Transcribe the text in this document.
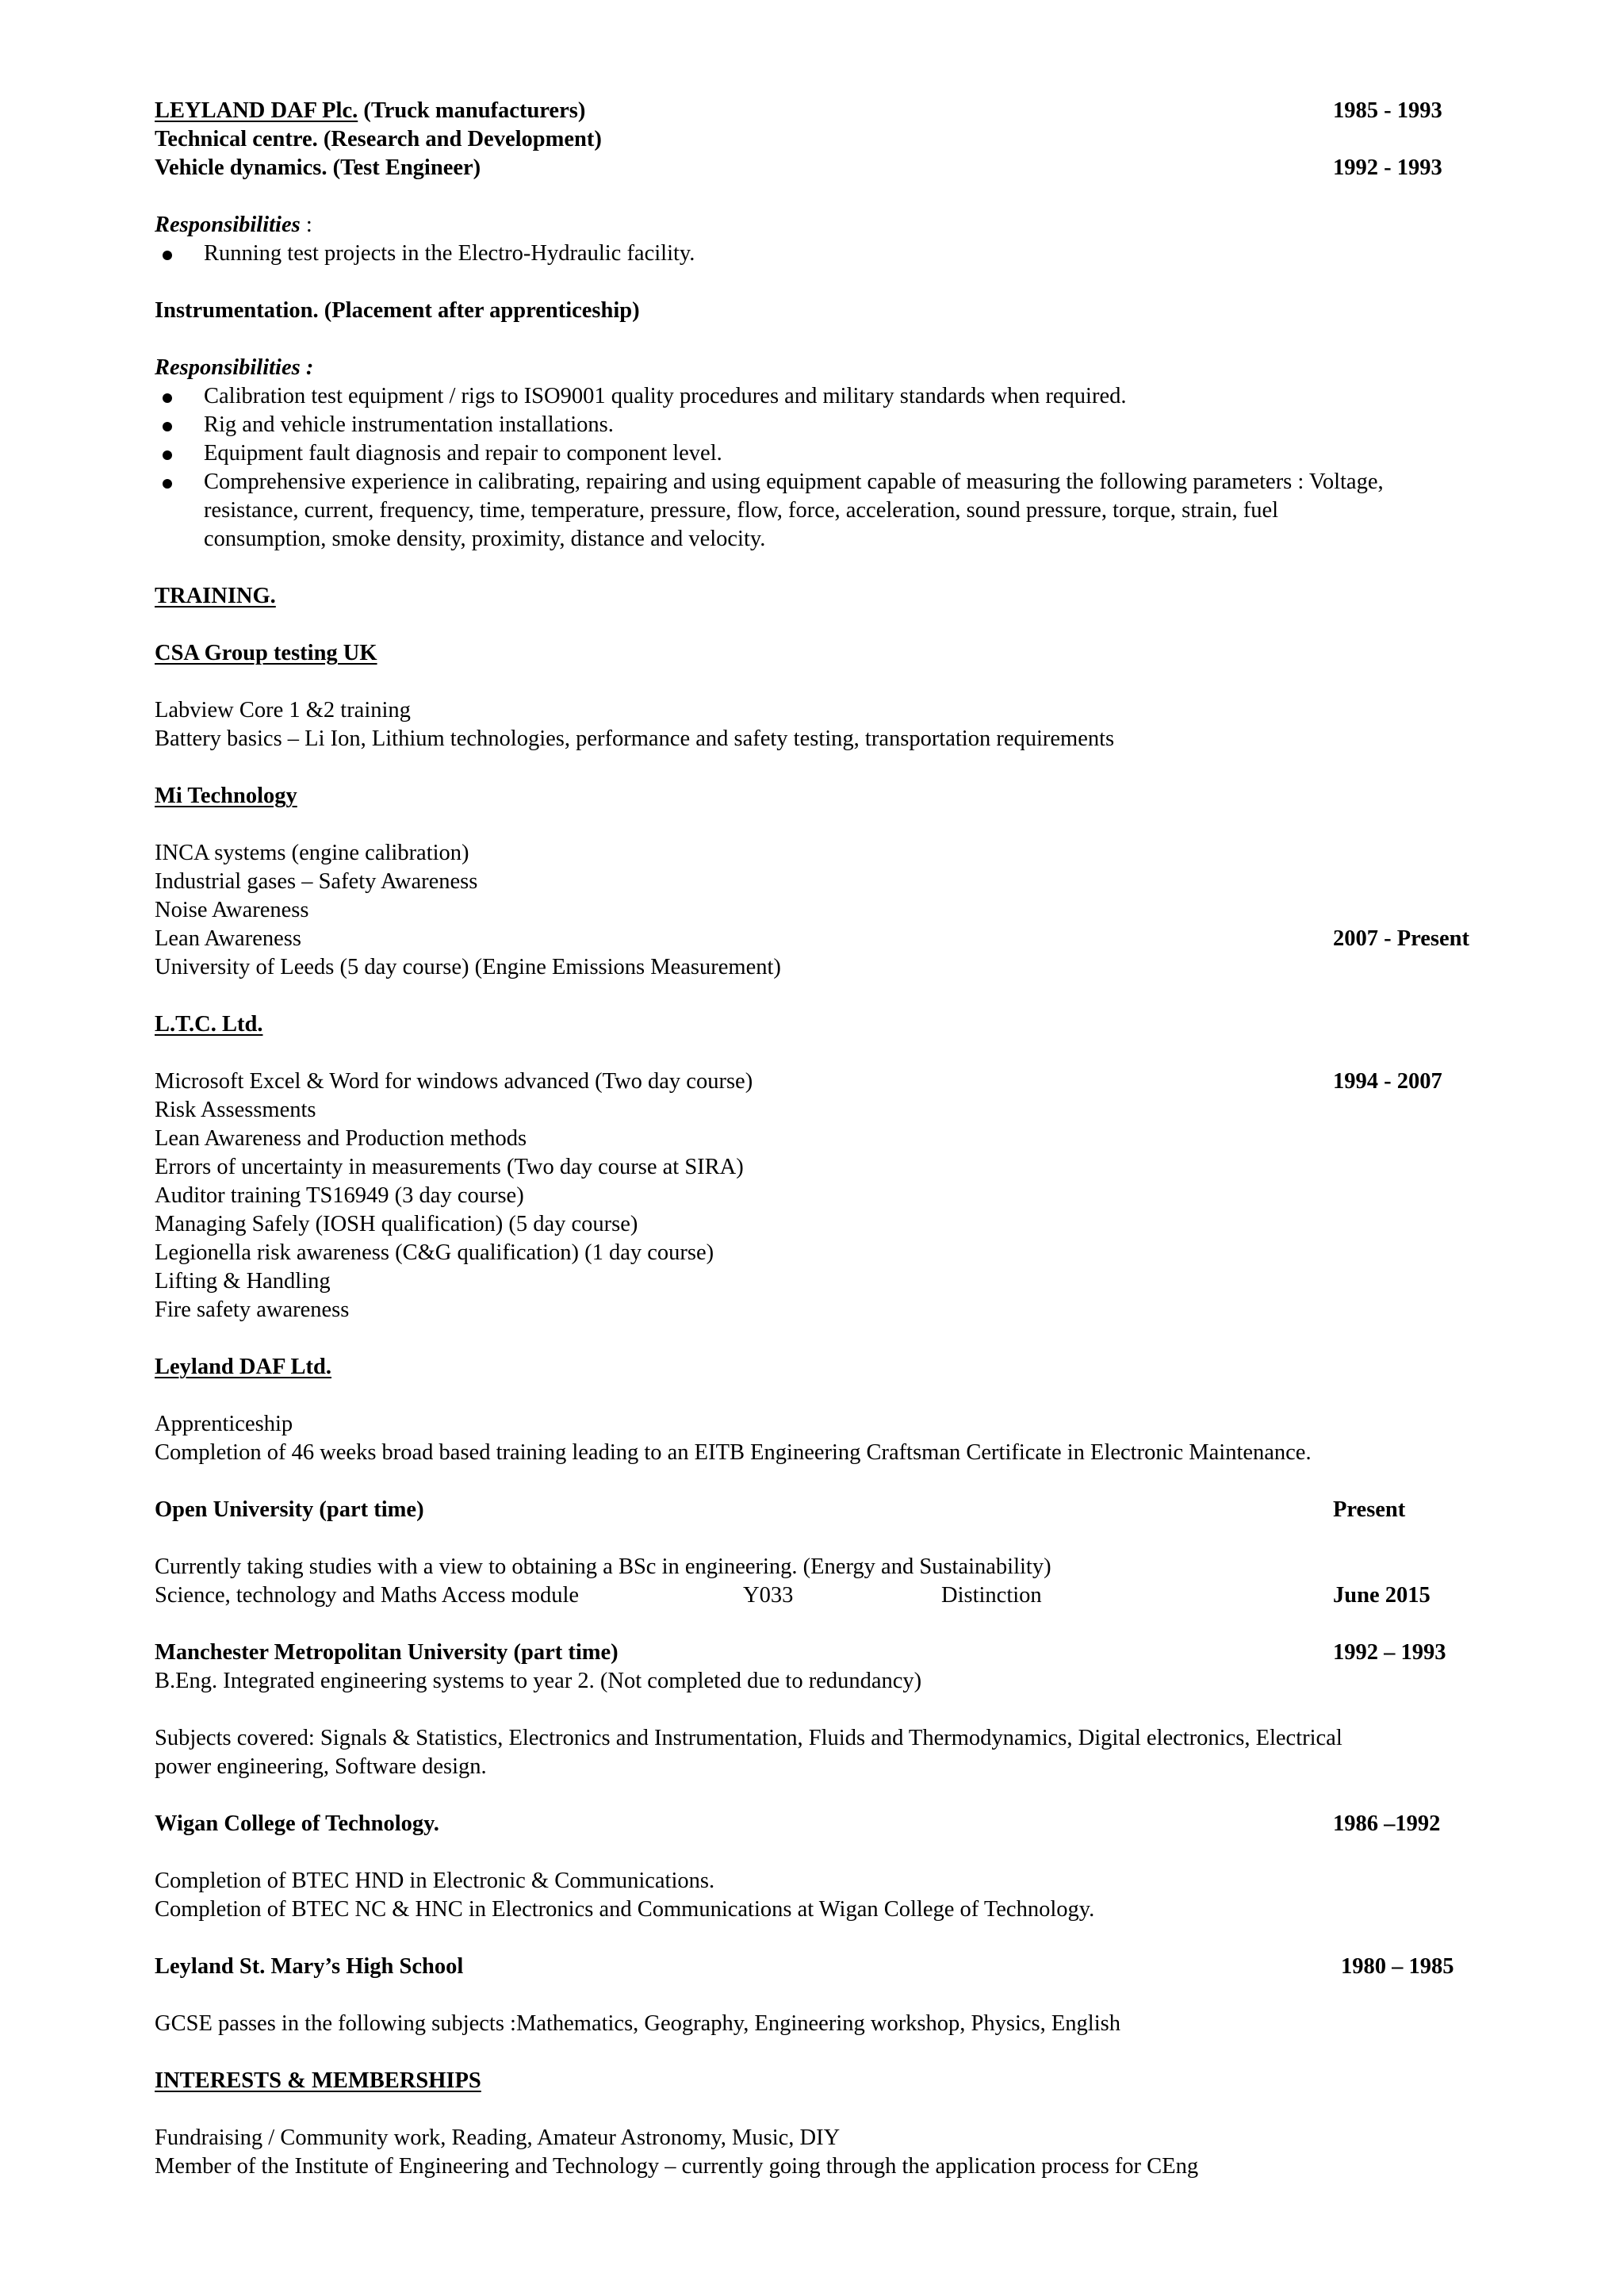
LEYLAND DAF Plc. (Truck manufacturers)	1985 - 1993
Technical centre. (Research and Development)
Vehicle dynamics. (Test Engineer)	1992 - 1993
Responsibilities :
Running test projects in the Electro-Hydraulic facility.
Instrumentation. (Placement after apprenticeship)
Responsibilities :
Calibration test equipment / rigs to ISO9001 quality procedures and military standards when required.
Rig and vehicle instrumentation installations.
Equipment fault diagnosis and repair to component level.
Comprehensive experience in calibrating, repairing and using equipment capable of measuring the following parameters : Voltage,
resistance, current, frequency, time, temperature, pressure, flow, force, acceleration, sound pressure, torque, strain, fuel
consumption, smoke density, proximity, distance and velocity.
TRAINING.
CSA Group testing UK
Labview Core 1 &2 training
Battery basics – Li Ion, Lithium technologies, performance and safety testing, transportation requirements
Mi Technology
INCA systems (engine calibration)
Industrial gases – Safety Awareness
Noise Awareness
Lean Awareness	2007 - Present
University of Leeds (5 day course) (Engine Emissions Measurement)
L.T.C. Ltd.
Microsoft Excel & Word for windows advanced (Two day course)	1994 - 2007
Risk Assessments
Lean Awareness and Production methods
Errors of uncertainty in measurements (Two day course at SIRA)
Auditor training TS16949 (3 day course)
Managing Safely (IOSH qualification) (5 day course)
Legionella risk awareness (C&G qualification) (1 day course)
Lifting & Handling
Fire safety awareness
Leyland DAF Ltd.
Apprenticeship
Completion of 46 weeks broad based training leading to an EITB Engineering Craftsman Certificate in Electronic Maintenance.
Open University (part time)	Present
Currently taking studies with a view to obtaining a BSc in engineering. (Energy and Sustainability)
Science, technology and Maths Access module	Y033	Distinction	June 2015
Manchester Metropolitan University (part time)	1992 – 1993
B.Eng. Integrated engineering systems to year 2. (Not completed due to redundancy)
Subjects covered: Signals & Statistics, Electronics and Instrumentation, Fluids and Thermodynamics, Digital electronics, Electrical
power engineering, Software design.
Wigan College of Technology.	1986 –1992
Completion of BTEC HND in Electronic & Communications.
Completion of BTEC NC & HNC in Electronics and Communications at Wigan College of Technology.
Leyland St. Mary’s High School	1980 – 1985
GCSE passes in the following subjects :Mathematics, Geography, Engineering workshop, Physics, English
INTERESTS & MEMBERSHIPS
Fundraising / Community work, Reading, Amateur Astronomy, Music, DIY
Member of the Institute of Engineering and Technology – currently going through the application process for CEng
